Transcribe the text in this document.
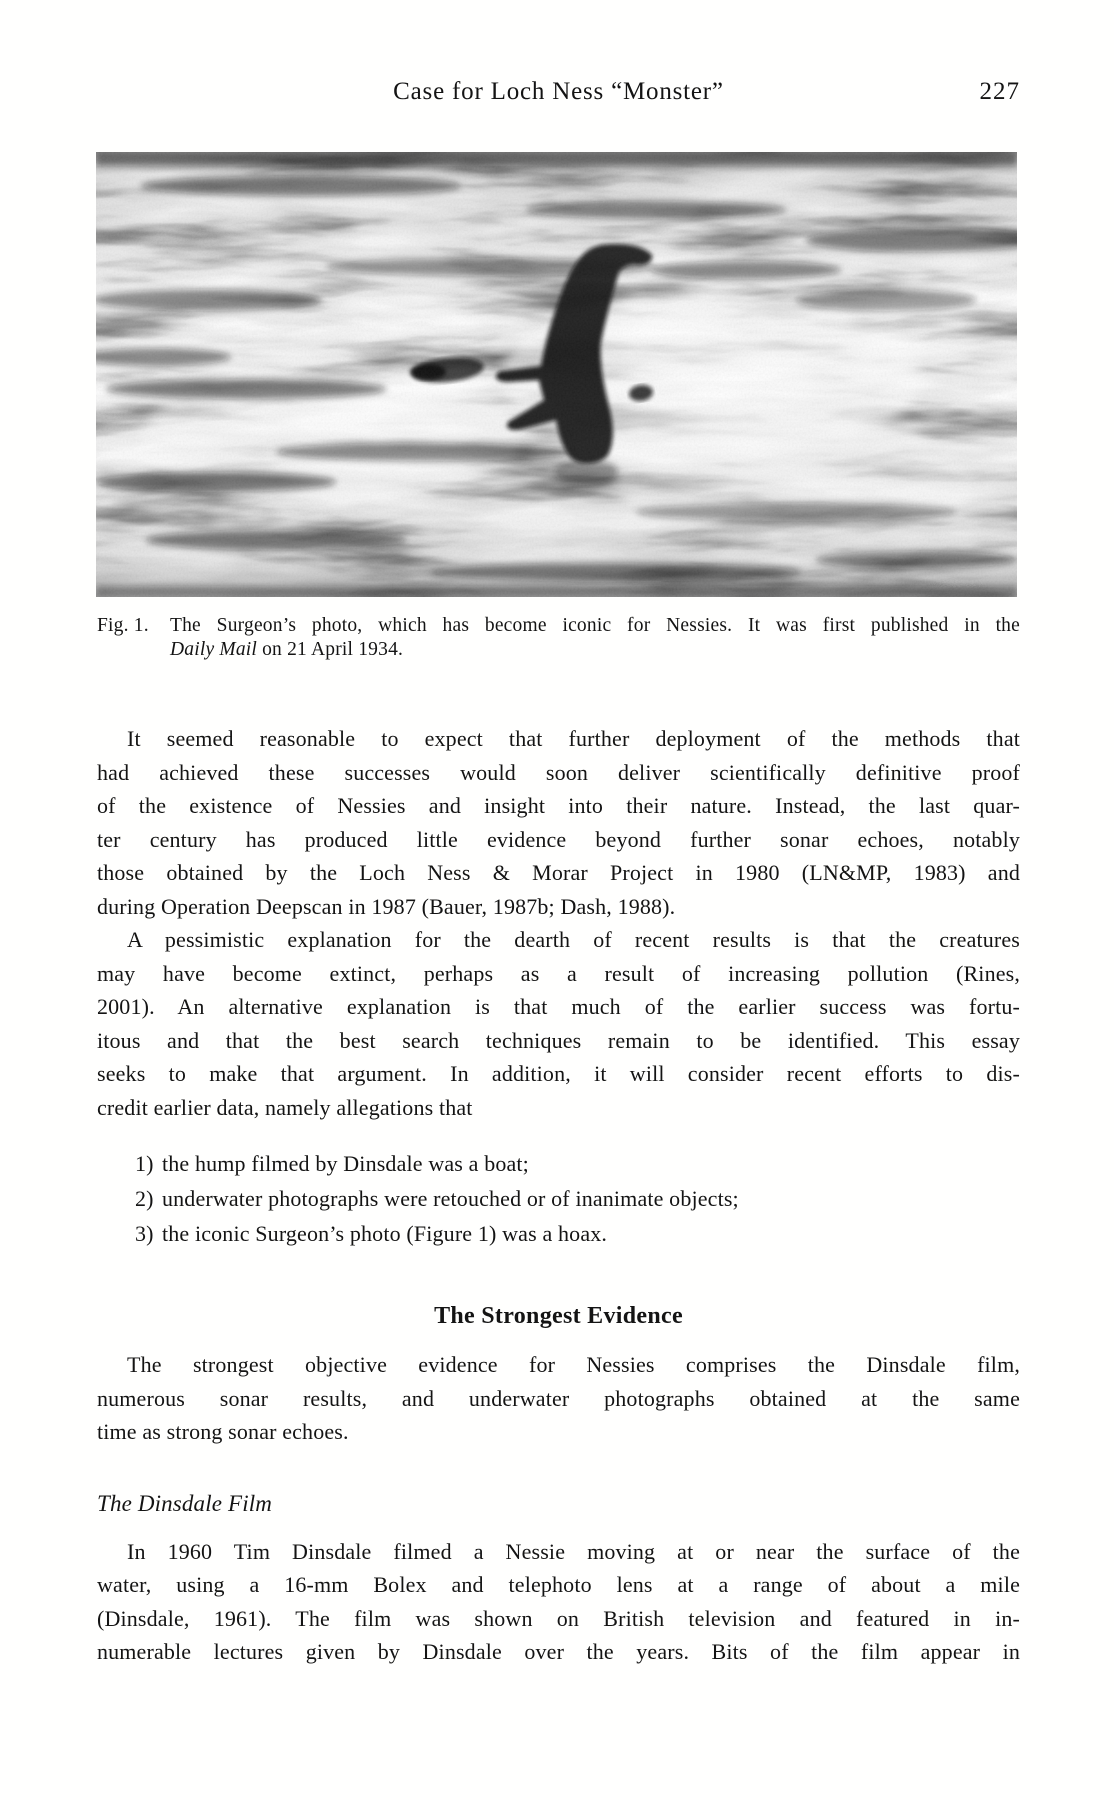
Case for Loch Ness “Monster”	227
Fig. 1.	The Surgeon’s photo, which has become iconic for Nessies. It was first published in the
Daily Mail on 21 April 1934.
It seemed reasonable to expect that further deployment of the methods that
had achieved these successes would soon deliver scientifically definitive proof
of the existence of Nessies and insight into their nature. Instead, the last quar-
ter century has produced little evidence beyond further sonar echoes, notably
those obtained by the Loch Ness & Morar Project in 1980 (LN&MP, 1983) and
during Operation Deepscan in 1987 (Bauer, 1987b; Dash, 1988).
A pessimistic explanation for the dearth of recent results is that the creatures
may have become extinct, perhaps as a result of increasing pollution (Rines,
2001). An alternative explanation is that much of the earlier success was fortu-
itous and that the best search techniques remain to be identified. This essay
seeks to make that argument. In addition, it will consider recent efforts to dis-
credit earlier data, namely allegations that
1) the hump filmed by Dinsdale was a boat;
2) underwater photographs were retouched or of inanimate objects;
3) the iconic Surgeon’s photo (Figure 1) was a hoax.
The Strongest Evidence
The strongest objective evidence for Nessies comprises the Dinsdale film,
numerous sonar results, and underwater photographs obtained at the same
time as strong sonar echoes.
The Dinsdale Film
In 1960 Tim Dinsdale filmed a Nessie moving at or near the surface of the
water, using a 16-mm Bolex and telephoto lens at a range of about a mile
(Dinsdale, 1961). The film was shown on British television and featured in in-
numerable lectures given by Dinsdale over the years. Bits of the film appear in
